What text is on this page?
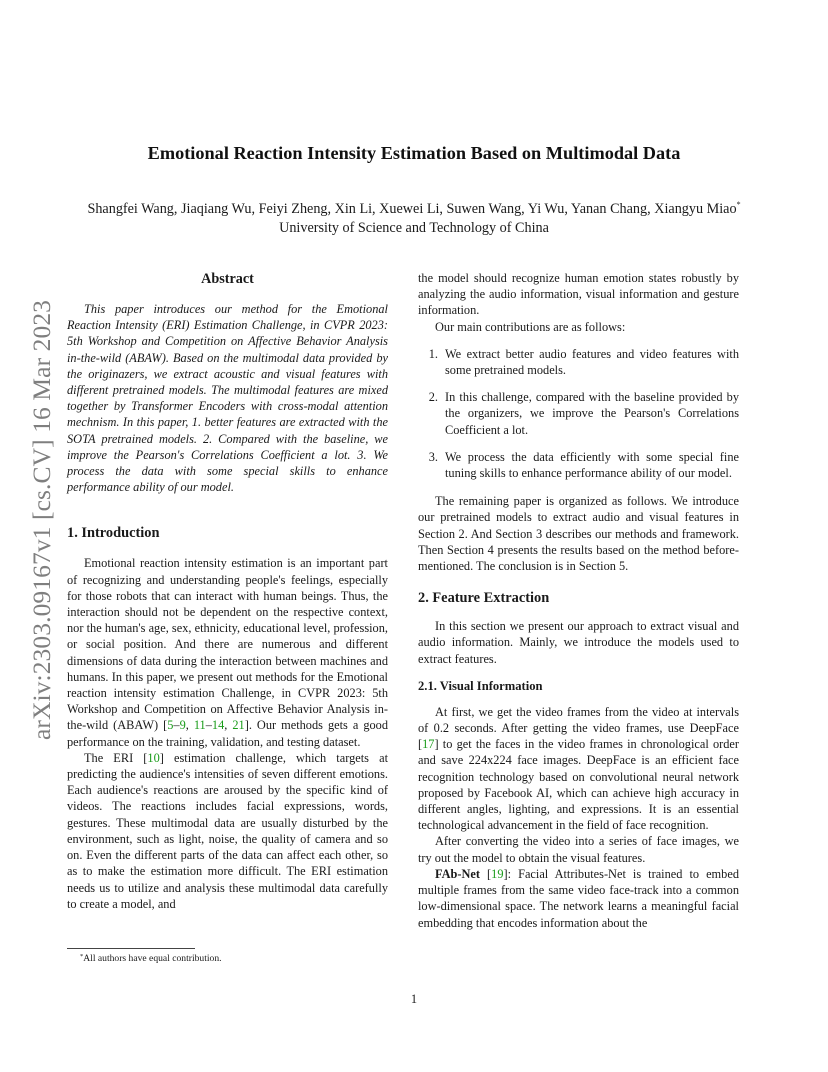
arXiv:2303.09167v1 [cs.CV] 16 Mar 2023
Emotional Reaction Intensity Estimation Based on Multimodal Data
Shangfei Wang, Jiaqiang Wu, Feiyi Zheng, Xin Li, Xuewei Li, Suwen Wang, Yi Wu, Yanan Chang, Xiangyu Miao*
University of Science and Technology of China
Abstract

This paper introduces our method for the Emotional Reaction Intensity (ERI) Estimation Challenge, in CVPR 2023: 5th Workshop and Competition on Affective Behavior Analysis in-the-wild (ABAW). Based on the multimodal data provided by the originazers, we extract acoustic and visual features with different pretrained models. The multimodal features are mixed together by Transformer Encoders with cross-modal attention mechnism. In this paper, 1. better features are extracted with the SOTA pretrained models. 2. Compared with the baseline, we improve the Pearson's Correlations Coefficient a lot. 3. We process the data with some special skills to enhance performance ability of our model.

1. Introduction

Emotional reaction intensity estimation is an important part of recognizing and understanding people's feelings, especially for those robots that can interact with human beings. Thus, the interaction should not be dependent on the respective context, nor the human's age, sex, ethnicity, educational level, profession, or social position. And there are numerous and different dimensions of data during the interaction between machines and humans. In this paper, we present out methods for the Emotional reaction intensity estimation Challenge, in CVPR 2023: 5th Workshop and Competition on Affective Behavior Analysis in-the-wild (ABAW) [5–9, 11–14, 21]. Our methods gets a good performance on the training, validation, and testing dataset.

The ERI [10] estimation challenge, which targets at predicting the audience's intensities of seven different emotions. Each audience's reactions are aroused by the specific kind of videos. The reactions includes facial expressions, words, gestures. These multimodal data are usually disturbed by the environment, such as light, noise, the quality of camera and so on. Even the different parts of the data can affect each other, so as to make the estimation more difficult. The ERI estimation needs us to utilize and analysis these multimodal data carefully to create a model, and

the model should recognize human emotion states robustly by analyzing the audio information, visual information and gesture information.

Our main contributions are as follows:

1. We extract better audio features and video features with some pretrained models.
2. In this challenge, compared with the baseline provided by the organizers, we improve the Pearson's Correlations Coefficient a lot.
3. We process the data efficiently with some special fine tuning skills to enhance performance ability of our model.

The remaining paper is organized as follows. We introduce our pretrained models to extract audio and visual features in Section 2. And Section 3 describes our methods and framework. Then Section 4 presents the results based on the method before-mentioned. The conclusion is in Section 5.

2. Feature Extraction

In this section we present our approach to extract visual and audio information. Mainly, we introduce the models used to extract features.

2.1. Visual Information

At first, we get the video frames from the video at intervals of 0.2 seconds. After getting the video frames, use DeepFace [17] to get the faces in the video frames in chronological order and save 224x224 face images. DeepFace is an efficient face recognition technology based on convolutional neural network proposed by Facebook AI, which can achieve high accuracy in different angles, lighting, and expressions. It is an essential technological advancement in the field of face recognition.

After converting the video into a series of face images, we try out the model to obtain the visual features.

FAb-Net [19]: Facial Attributes-Net is trained to embed multiple frames from the same video face-track into a common low-dimensional space. The network learns a meaningful facial embedding that encodes information about the

*All authors have equal contribution.
1
